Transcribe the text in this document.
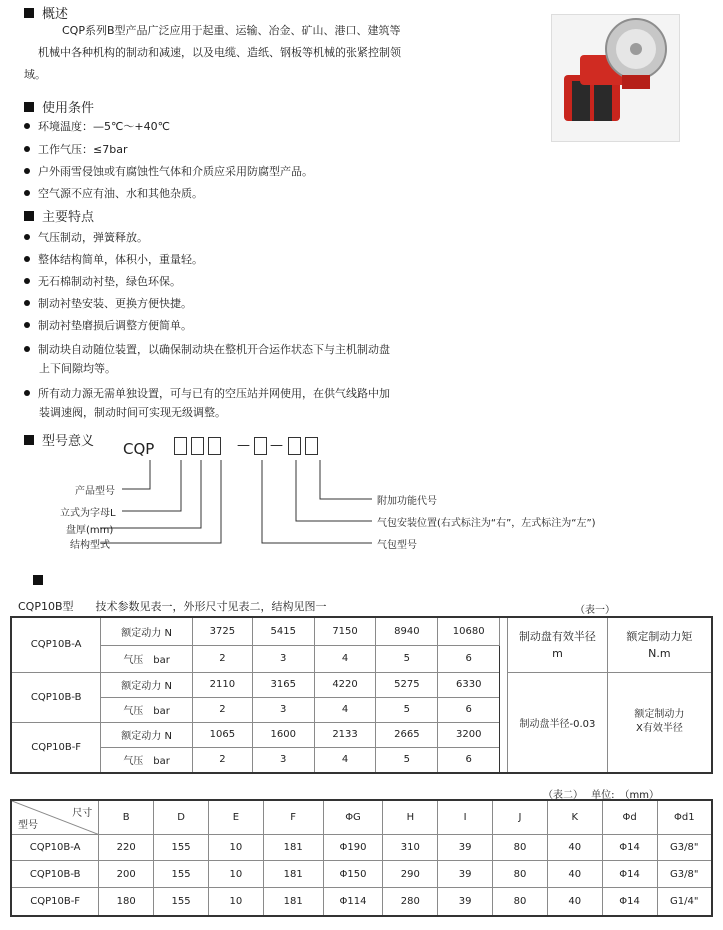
概述
CQP系列B型产品广泛应用于起重、运输、冶金、矿山、港口、建筑等
机械中各种机构的制动和减速，以及电缆、造纸、钢板等机械的张紧控制领
域。
使用条件
环境温度：—5℃～+40℃
工作气压：≤7bar
户外雨雪侵蚀或有腐蚀性气体和介质应采用防腐型产品。
空气源不应有油、水和其他杂质。
主要特点
气压制动，弹簧释放。
整体结构简单，体积小，重量轻。
无石棉制动衬垫，绿色环保。
制动衬垫安装、更换方便快捷。
制动衬垫磨损后调整方便简单。
制动块自动随位装置，以确保制动块在整机开合运作状态下与主机制动盘
上下间隙均等。
所有动力源无需单独设置，可与已有的空压站并网使用，在供气线路中加
装调速阀，制动时间可实现无级调整。
型号意义 CQP	— —
产品型号
立式为字母L
盘厚(mm)
结构型式
附加功能代号
气包安装位置(右式标注为“右”，左式标注为“左”)
气包型号
CQP10B型　　技术参数见表一，外形尺寸见表二，结构见图一	（表一）
CQP10B-A	额定动力 N	3725	5415	7150	8940	10680		制动盘有效半径
m	额定制动力矩
N.m
	气压　bar	2	3	4	5	6			
CQP10B-B	额定动力 N	2110	3165	4220	5275	6330		制动盘半径-0.03	额定制动力
X有效半径
	气压　bar	2	3	4	5	6			
CQP10B-F	额定动力 N	1065	1600	2133	2665	3200			
	气压　bar	2	3	4	5	6			
（表二）　 单位:　（mm）
尺寸
型号	B	D	E	F	ΦG	H	I	J	K	Φd	Φd1
CQP10B-A	220	155	10	181	Φ190	310	39	80	40	Φ14	G3/8"
CQP10B-B	200	155	10	181	Φ150	290	39	80	40	Φ14	G3/8"
CQP10B-F	180	155	10	181	Φ114	280	39	80	40	Φ14	G1/4"
